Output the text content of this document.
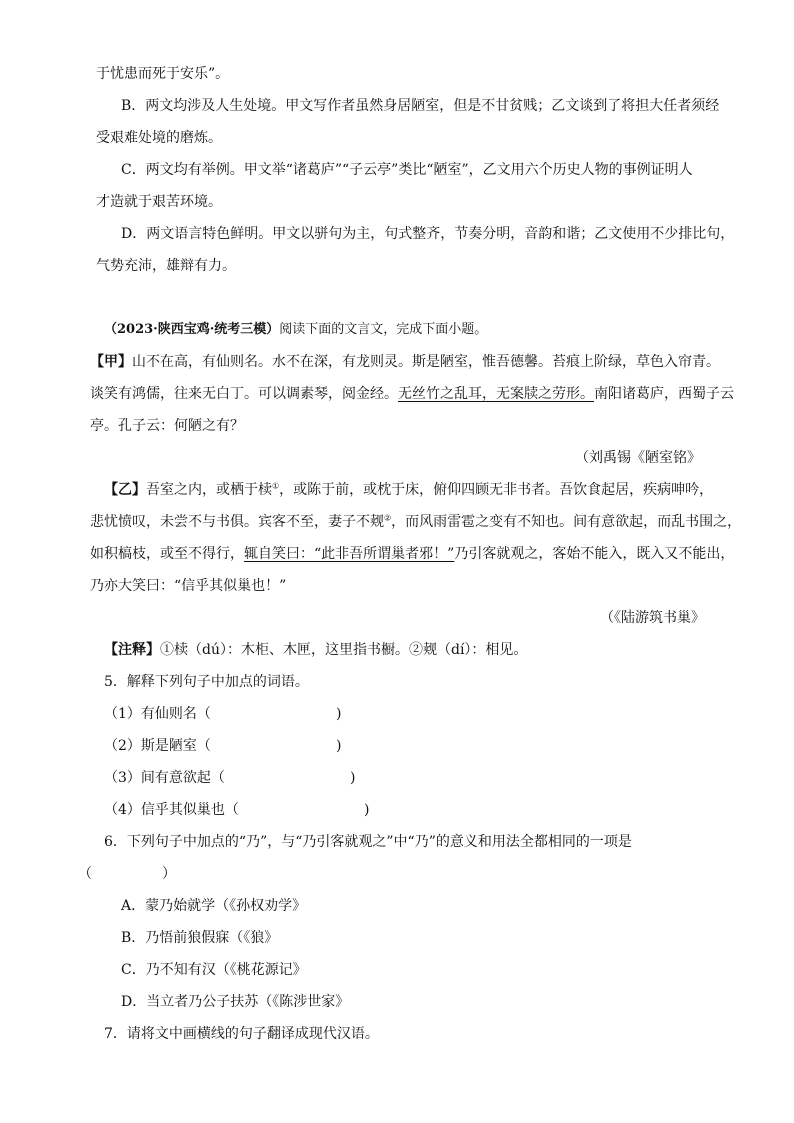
于忧患而死于安乐”。
B．两文均涉及人生处境。甲文写作者虽然身居陋室，但是不甘贫贱；乙文谈到了将担大任者须经
受艰难处境的磨炼。
C．两文均有举例。甲文举“诸葛庐”“子云亭”类比“陋室”，乙文用六个历史人物的事例证明人
才造就于艰苦环境。
D．两文语言特色鲜明。甲文以骈句为主，句式整齐，节奏分明，音韵和谐；乙文使用不少排比句，
气势充沛，雄辩有力。
（2023·陕西宝鸡·统考三模）阅读下面的文言文，完成下面小题。
【甲】山不在高，有仙则名。水不在深，有龙则灵。斯是陋室，惟吾德馨。苔痕上阶绿，草色入帘青。
谈笑有鸿儒，往来无白丁。可以调素琴，阅金经。无丝竹之乱耳，无案牍之劳形。南阳诸葛庐，西蜀子云
亭。孔子云：何陋之有？
（刘禹锡《陋室铭》
【乙】吾室之内，或栖于椟①，或陈于前，或枕于床，俯仰四顾无非书者。吾饮食起居，疾病呻吟，
悲忧愤叹，未尝不与书俱。宾客不至，妻子不觌②，而风雨雷雹之变有不知也。间有意欲起，而乱书围之，
如积槁枝，或至不得行，辄自笑曰：“此非吾所谓巢者邪！”乃引客就观之，客始不能入，既入又不能出，
乃亦大笑曰：“信乎其似巢也！”
（《陆游筑书巢》
【注释】①椟（dú）：木柜、木匣，这里指书橱。②觌（dí）：相见。
5．解释下列句子中加点的词语。
（1）有仙则名（	)
（2）斯是陋室（	)
（3）间有意欲起（	)
（4）信乎其似巢也（	)
6．下列句子中加点的“乃”，与“乃引客就观之”中“乃”的意义和用法全都相同的一项是
（　　　　　）
A．蒙乃始就学（《孙权劝学》
B．乃悟前狼假寐（《狼》
C．乃不知有汉（《桃花源记》
D．当立者乃公子扶苏（《陈涉世家》
7．请将文中画横线的句子翻译成现代汉语。
